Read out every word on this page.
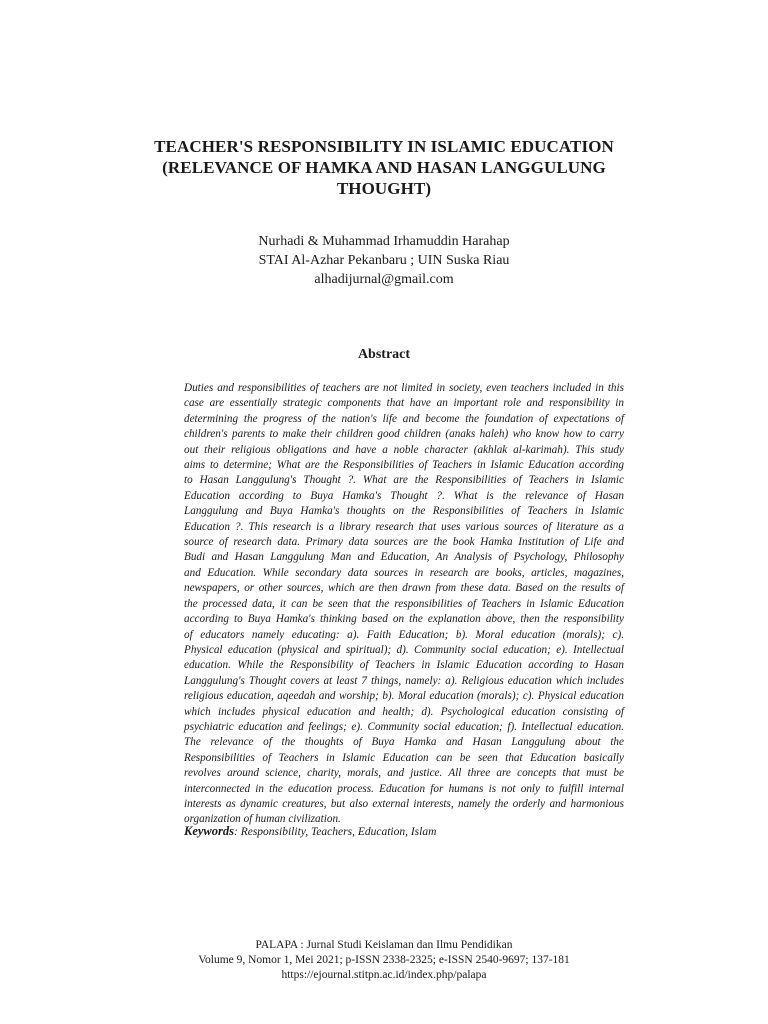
TEACHER'S RESPONSIBILITY IN ISLAMIC EDUCATION
(RELEVANCE OF HAMKA AND HASAN LANGGULUNG
THOUGHT)
Nurhadi & Muhammad Irhamuddin Harahap
STAI Al-Azhar Pekanbaru ; UIN Suska Riau
alhadijurnal@gmail.com
Abstract
Duties and responsibilities of teachers are not limited in society, even teachers included in this
case are essentially strategic components that have an important role and responsibility in
determining the progress of the nation's life and become the foundation of expectations of
children's parents to make their children good children (anaks haleh) who know how to carry
out their religious obligations and have a noble character (akhlak al-karimah). This study
aims to determine; What are the Responsibilities of Teachers in Islamic Education according
to Hasan Langgulung's Thought ?. What are the Responsibilities of Teachers in Islamic
Education according to Buya Hamka's Thought ?. What is the relevance of Hasan
Langgulung and Buya Hamka's thoughts on the Responsibilities of Teachers in Islamic
Education ?. This research is a library research that uses various sources of literature as a
source of research data. Primary data sources are the book Hamka Institution of Life and
Budi and Hasan Langgulung Man and Education, An Analysis of Psychology, Philosophy
and Education. While secondary data sources in research are books, articles, magazines,
newspapers, or other sources, which are then drawn from these data. Based on the results of
the processed data, it can be seen that the responsibilities of Teachers in Islamic Education
according to Buya Hamka's thinking based on the explanation above, then the responsibility
of educators namely educating: a). Faith Education; b). Moral education (morals); c).
Physical education (physical and spiritual); d). Community social education; e). Intellectual
education. While the Responsibility of Teachers in Islamic Education according to Hasan
Langgulung's Thought covers at least 7 things, namely: a). Religious education which includes
religious education, aqeedah and worship; b). Moral education (morals); c). Physical education
which includes physical education and health; d). Psychological education consisting of
psychiatric education and feelings; e). Community social education; f). Intellectual education.
The relevance of the thoughts of Buya Hamka and Hasan Langgulung about the
Responsibilities of Teachers in Islamic Education can be seen that Education basically
revolves around science, charity, morals, and justice. All three are concepts that must be
interconnected in the education process. Education for humans is not only to fulfill internal
interests as dynamic creatures, but also external interests, namely the orderly and harmonious
organization of human civilization.
Keywords: Responsibility, Teachers, Education, Islam
PALAPA : Jurnal Studi Keislaman dan Ilmu Pendidikan
Volume 9, Nomor 1, Mei 2021; p-ISSN 2338-2325; e-ISSN 2540-9697; 137-181
https://ejournal.stitpn.ac.id/index.php/palapa
